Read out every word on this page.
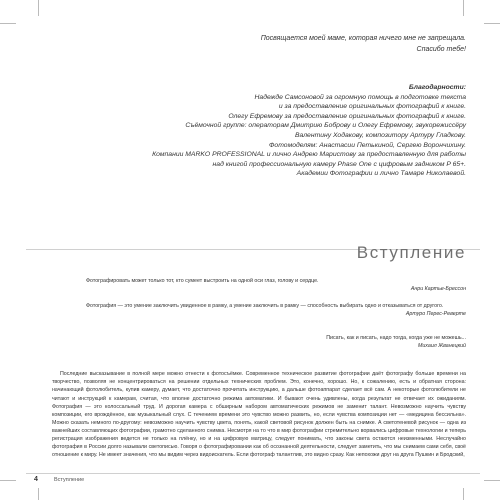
Посвящается моей маме, которая ничего мне не запрещала.
Спасибо тебе!
Благодарности:
Надежде Самсоновой за огромную помощь в подготовке текста
и за предоставление оригинальных фотографий к книге.
Олегу Ефремову за предоставление оригинальных фотографий к книге.
Съёмочной группе: операторам Дмитрию Боброву и Олегу Ефремову, звукорежиссёру
Валентину Ходакову, композитору Артуру Гладкову.
Фотомоделям: Анастасии Петькиной, Сергею Ворончихину.
Компании MARKO PROFESSIONAL и лично Андрею Маристову за предоставленную для работы
над книгой профессиональную камеру Phase One с цифровым задником P 65+.
Академии Фотографии и лично Тамаре Николаевой.
Вступление
Фотографировать может только тот, кто сумеет выстроить на одной оси глаз, голову и сердце.
Анри Картье-Брессон
Фотография — это умение заключить увиденное в рамку, а умение заключить в рамку — способность выбирать одно и отказываться от другого.
Артуро Перес-Реверте
Писать, как и писать, надо тогда, когда уже не можешь...
Михаил Жванецкий

Последние высказывание в полной мере можно отнести к фотосъёмке. Современное техническое развитие фотографии даёт фотографу больше времени на творчество, позволяя не концентрироваться на решении отдельных технических проблем. Это, конечно, хорошо. Но, к сожалению, есть и обратная сторона: начинающий фотолюбитель, купив камеру, думает, что достаточно прочитать инструкцию, а дальше фотоаппарат сделает всё сам. А некоторые фотолюбители не читают и инструкций к камерам, считая, что вполне достаточно режима автоматики. И бывают очень удивлены, когда результат не отвечает их ожиданиям. Фотография — это колоссальный труд. И дорогая камера с обширным набором автоматических режимов не заменит талант. Невозможно научить чувству композиции, его врождённое, как музыкальный слух. С течением времени это чувство можно развить, но, если чувства композиции нет — «медицина бессильна». Можно сказать немного по-другому: невозможно научить чувству цвета, понять, какой световой рисунок должен быть на снимке. А светотеневой рисунок — одна из важнейших составляющих фотографии, грамотно сделанного снимка. Несмотря на то что в мир фотографии стремительно ворвались цифровые технологии и теперь регистрация изображения ведется не только на плёнку, но и на цифровую матрицу, следует понимать, что законы света остаются неизменными. Неслучайно фотография в России долго называли светописью. Говоря о фотографировании как об осознанной деятельности, следует заметить, что мы снимаем сами себя, своё отношение к миру. Не имеет значения, что мы видим через видоискатель. Если фотограф талантлив, это видно сразу. Как непохожи друг на друга Пушкин и Бродский,

4	Вступление
